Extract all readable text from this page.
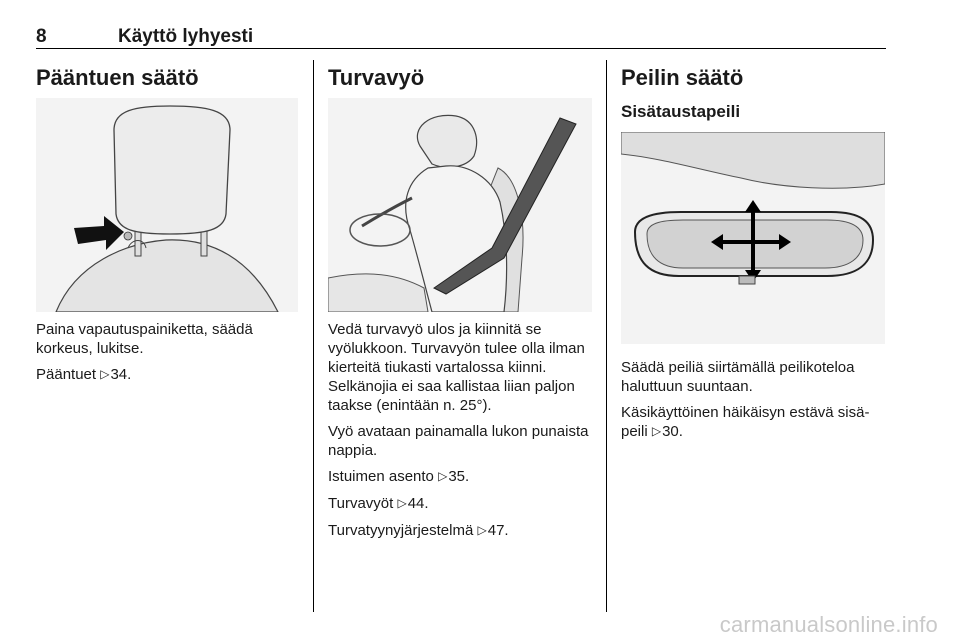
8	Käyttö lyhyesti
Pääntuen säätö

Paina vapautuspainiketta, säädä korkeus, lukitse.

Pääntuet ▷34.

Turvavyö

Vedä turvavyö ulos ja kiinnitä se vyölukkoon. Turvavyön tulee olla ilman kierteitä tiukasti vartalossa kiinni. Selkänojia ei saa kallistaa liian paljon taakse (enintään n. 25°).

Vyö avataan painamalla lukon punaista nappia.

Istuimen asento ▷35.

Turvavyöt ▷44.

Turvatyynyjärjestelmä ▷47.

Peilin säätö
Sisätaustapeili

Säädä peiliä siirtämällä peilikoteloa haluttuun suuntaan.

Käsikäyttöinen häikäisyn estävä sisä-peili ▷30.

carmanualsonline.info
